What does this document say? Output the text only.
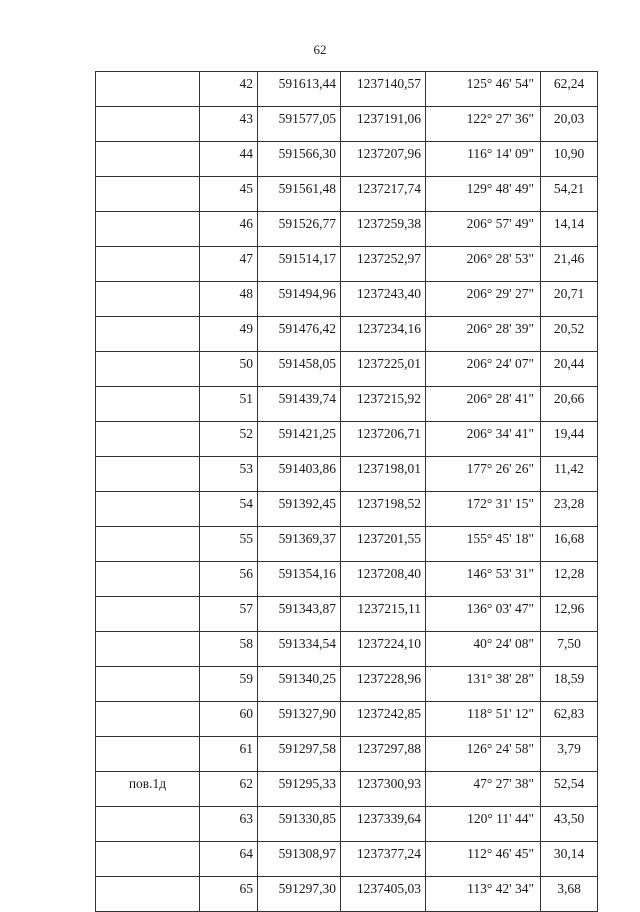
62
	42	591613,44	1237140,57	125° 46' 54"	62,24
	43	591577,05	1237191,06	122° 27' 36"	20,03
	44	591566,30	1237207,96	116° 14' 09"	10,90
	45	591561,48	1237217,74	129° 48' 49"	54,21
	46	591526,77	1237259,38	206° 57' 49"	14,14
	47	591514,17	1237252,97	206° 28' 53"	21,46
	48	591494,96	1237243,40	206° 29' 27"	20,71
	49	591476,42	1237234,16	206° 28' 39"	20,52
	50	591458,05	1237225,01	206° 24' 07"	20,44
	51	591439,74	1237215,92	206° 28' 41"	20,66
	52	591421,25	1237206,71	206° 34' 41"	19,44
	53	591403,86	1237198,01	177° 26' 26"	11,42
	54	591392,45	1237198,52	172° 31' 15"	23,28
	55	591369,37	1237201,55	155° 45' 18"	16,68
	56	591354,16	1237208,40	146° 53' 31"	12,28
	57	591343,87	1237215,11	136° 03' 47"	12,96
	58	591334,54	1237224,10	40° 24' 08"	7,50
	59	591340,25	1237228,96	131° 38' 28"	18,59
	60	591327,90	1237242,85	118° 51' 12"	62,83
	61	591297,58	1237297,88	126° 24' 58"	3,79
пов.1д	62	591295,33	1237300,93	47° 27' 38"	52,54
	63	591330,85	1237339,64	120° 11' 44"	43,50
	64	591308,97	1237377,24	112° 46' 45"	30,14
	65	591297,30	1237405,03	113° 42' 34"	3,68
